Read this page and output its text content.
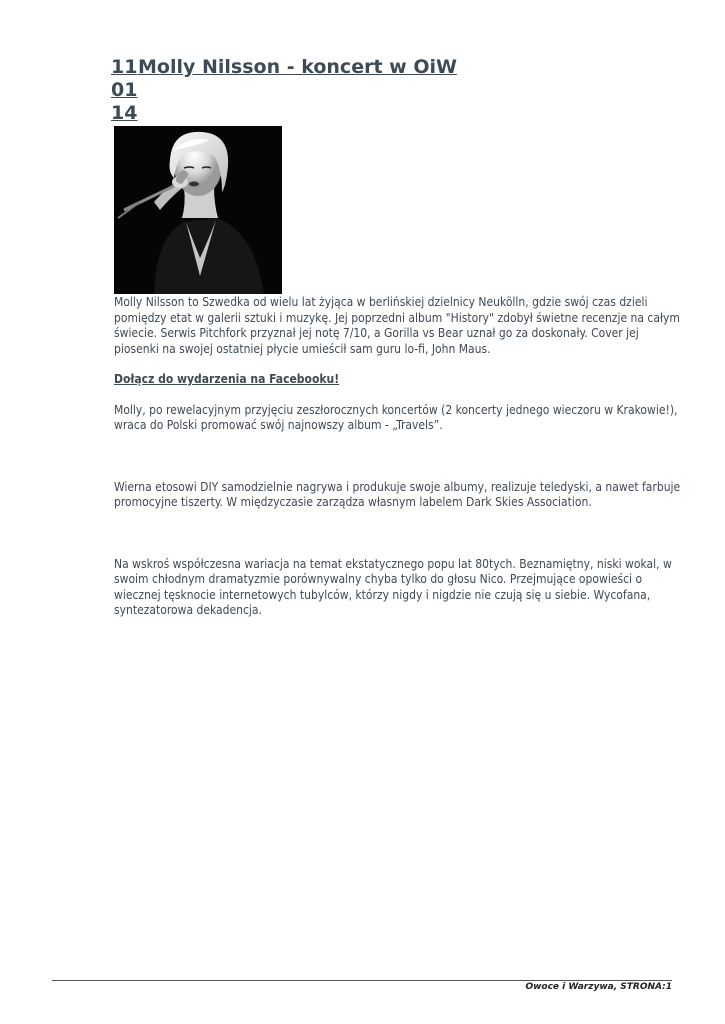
11
01
14
Molly Nilsson - koncert w OiW

Molly Nilsson to Szwedka od wielu lat żyjąca w berlińskiej dzielnicy Neukölln, gdzie swój czas dzieli pomiędzy etat w galerii sztuki i muzykę. Jej poprzedni album "History" zdobył świetne recenzje na całym świecie. Serwis Pitchfork przyznał jej notę 7/10, a Gorilla vs Bear uznał go za doskonały. Cover jej piosenki na swojej ostatniej płycie umieścił sam guru lo-fi, John Maus.

Dołącz do wydarzenia na Facebooku!

Molly, po rewelacyjnym przyjęciu zeszłorocznych koncertów (2 koncerty jednego wieczoru w Krakowie!), wraca do Polski promować swój najnowszy album - „Travels”.

Wierna etosowi DIY samodzielnie nagrywa i produkuje swoje albumy, realizuje teledyski, a nawet farbuje promocyjne tiszerty. W międzyczasie zarządza własnym labelem Dark Skies Association.

Na wskroś współczesna wariacja na temat ekstatycznego popu lat 80tych. Beznamiętny, niski wokal, w swoim chłodnym dramatyzmie porównywalny chyba tylko do głosu Nico. Przejmujące opowieści o wiecznej tęsknocie internetowych tubylców, którzy nigdy i nigdzie nie czują się u siebie. Wycofana, syntezatorowa dekadencja.

Owoce i Warzywa, STRONA:1
